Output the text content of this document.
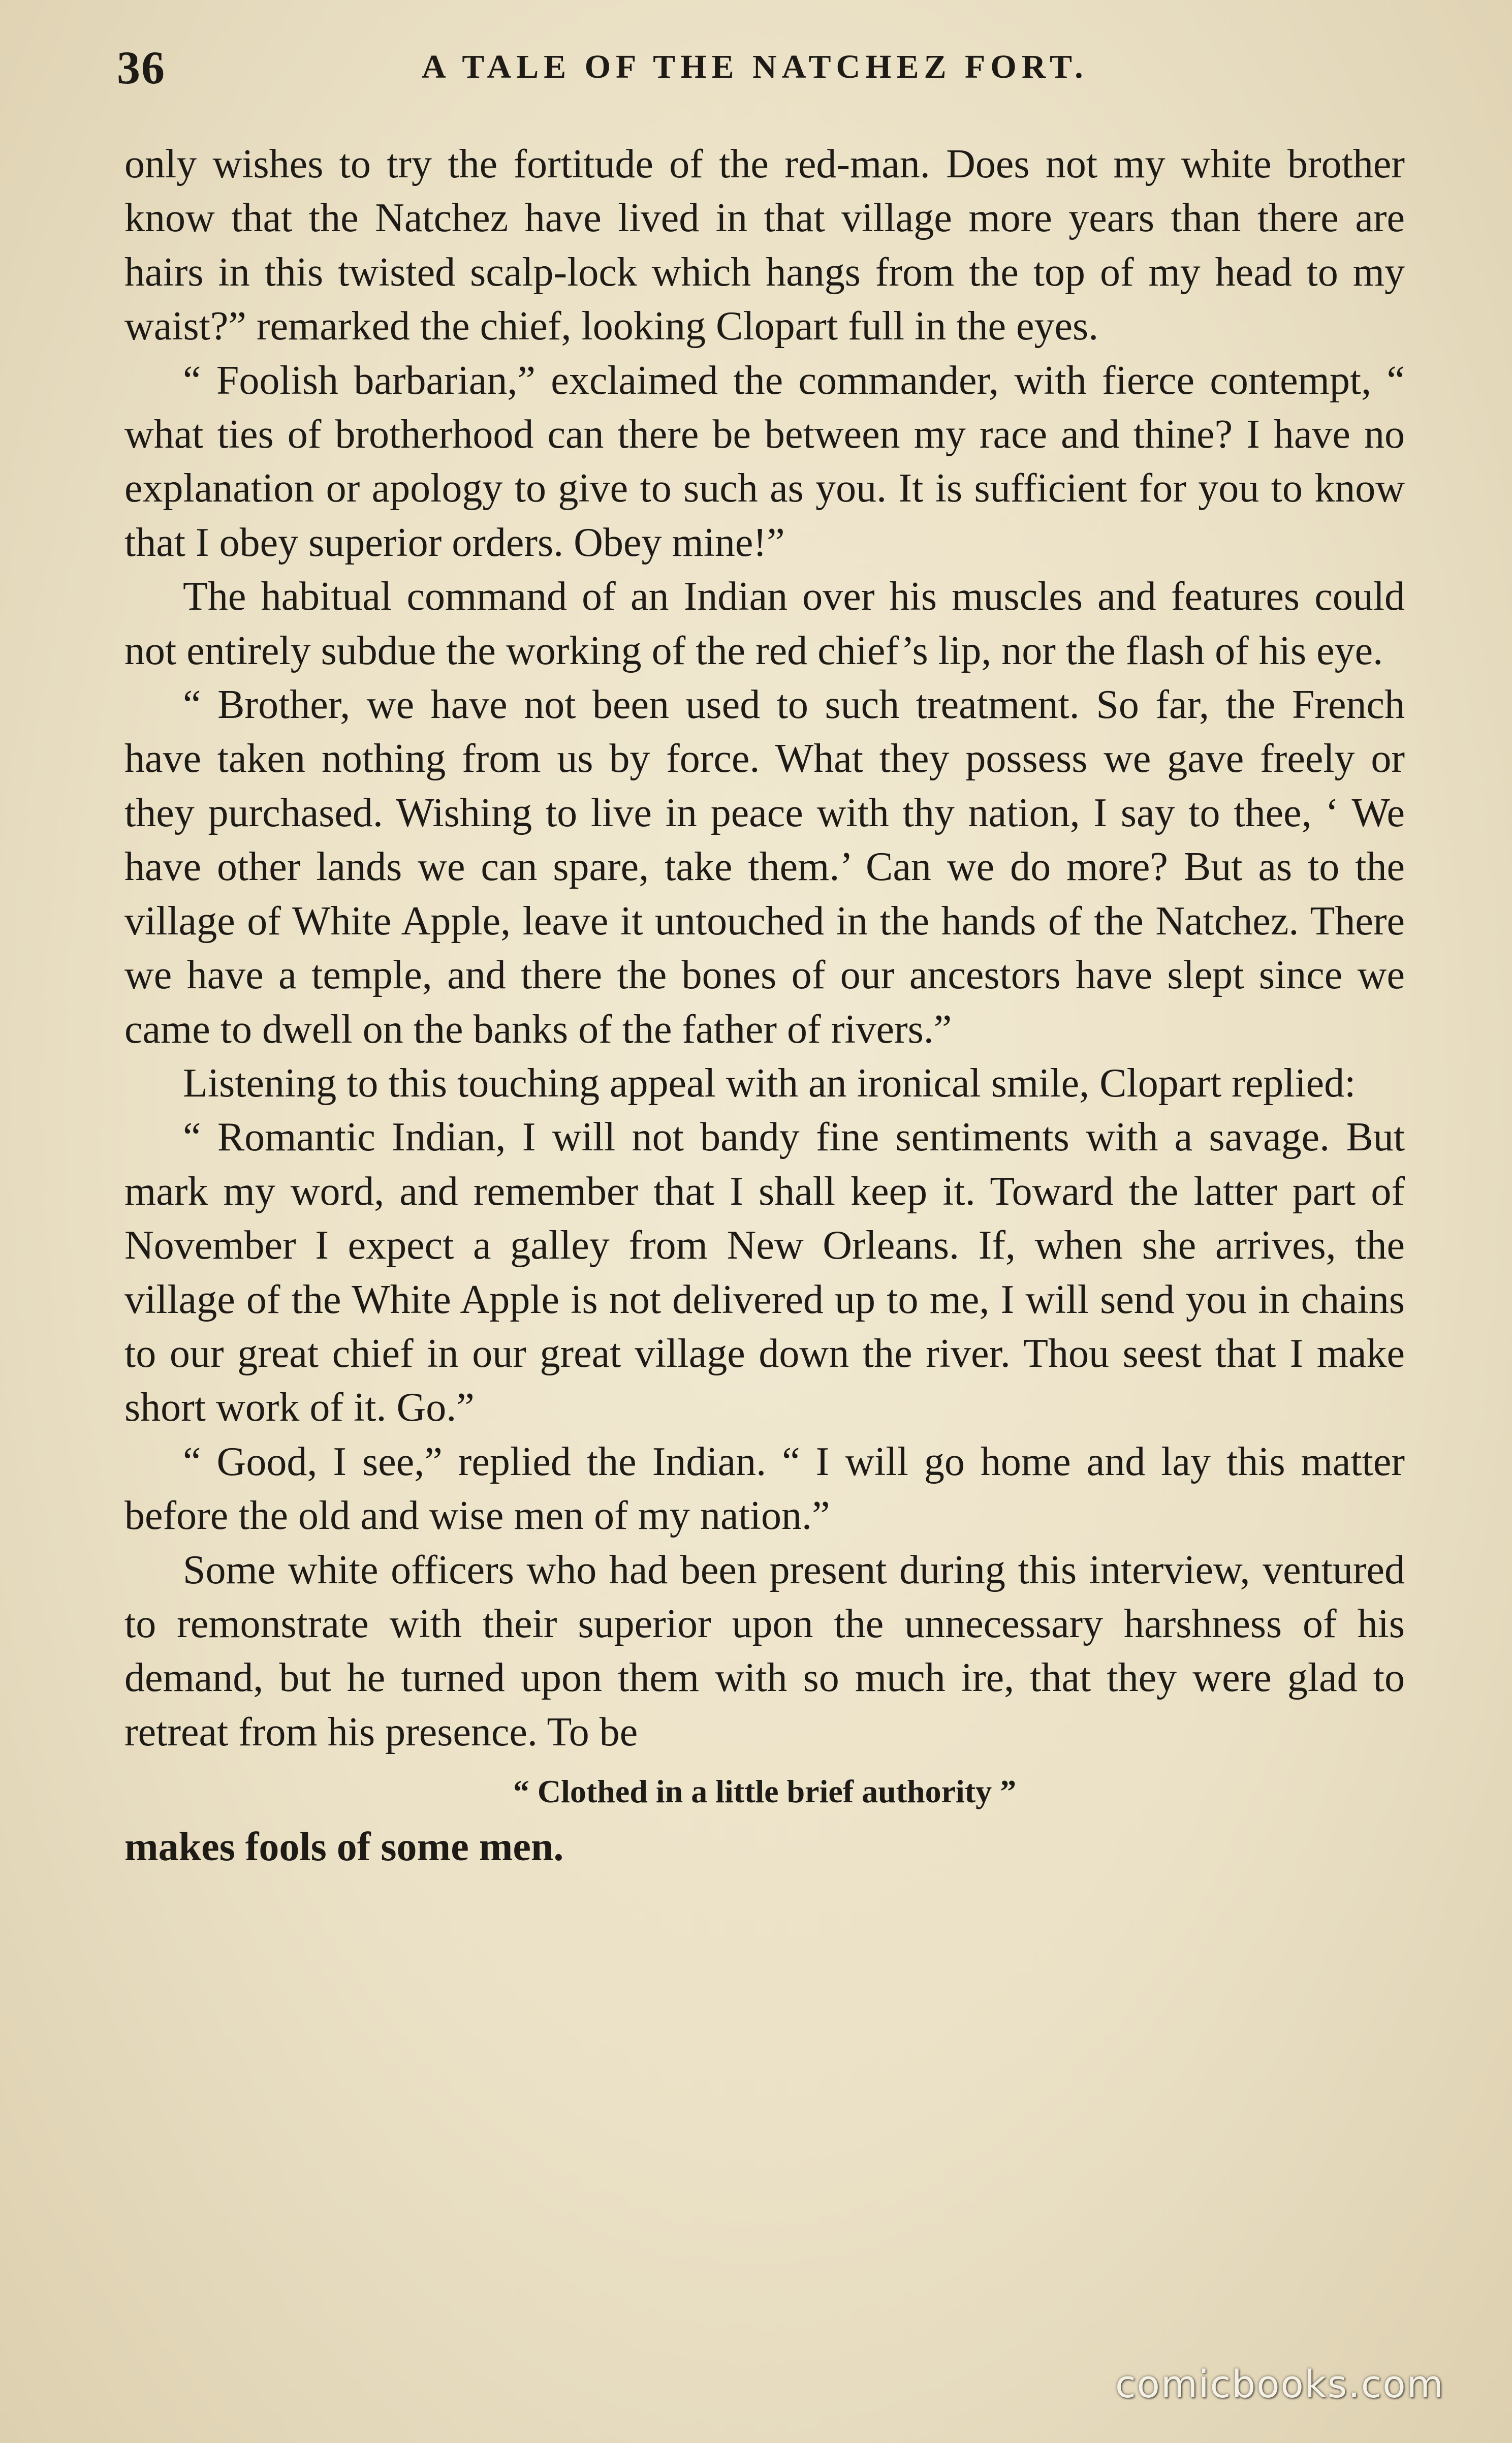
36	A TALE OF THE NATCHEZ FORT.

only wishes to try the fortitude of the red-man. Does not my white brother know that the Natchez have lived in that village more years than there are hairs in this twisted scalp-lock which hangs from the top of my head to my waist?” remarked the chief, looking Clopart full in the eyes.

“ Foolish barbarian,” exclaimed the commander, with fierce contempt, “ what ties of brotherhood can there be between my race and thine? I have no explanation or apology to give to such as you. It is sufficient for you to know that I obey superior orders. Obey mine!”

The habitual command of an Indian over his muscles and features could not entirely subdue the working of the red chief’s lip, nor the flash of his eye.

“ Brother, we have not been used to such treatment. So far, the French have taken nothing from us by force. What they possess we gave freely or they purchased. Wishing to live in peace with thy nation, I say to thee, ‘ We have other lands we can spare, take them.’ Can we do more? But as to the village of White Apple, leave it untouched in the hands of the Natchez. There we have a temple, and there the bones of our ancestors have slept since we came to dwell on the banks of the father of rivers.”

Listening to this touching appeal with an ironical smile, Clopart replied:

“ Romantic Indian, I will not bandy fine sentiments with a savage. But mark my word, and remember that I shall keep it. Toward the latter part of November I expect a galley from New Orleans. If, when she arrives, the village of the White Apple is not delivered up to me, I will send you in chains to our great chief in our great village down the river. Thou seest that I make short work of it. Go.”

“ Good, I see,” replied the Indian. “ I will go home and lay this matter before the old and wise men of my nation.”

Some white officers who had been present during this interview, ventured to remonstrate with their superior upon the unnecessary harshness of his demand, but he turned upon them with so much ire, that they were glad to retreat from his presence. To be

“ Clothed in a little brief authority ”

makes fools of some men.

comicbooks.com
